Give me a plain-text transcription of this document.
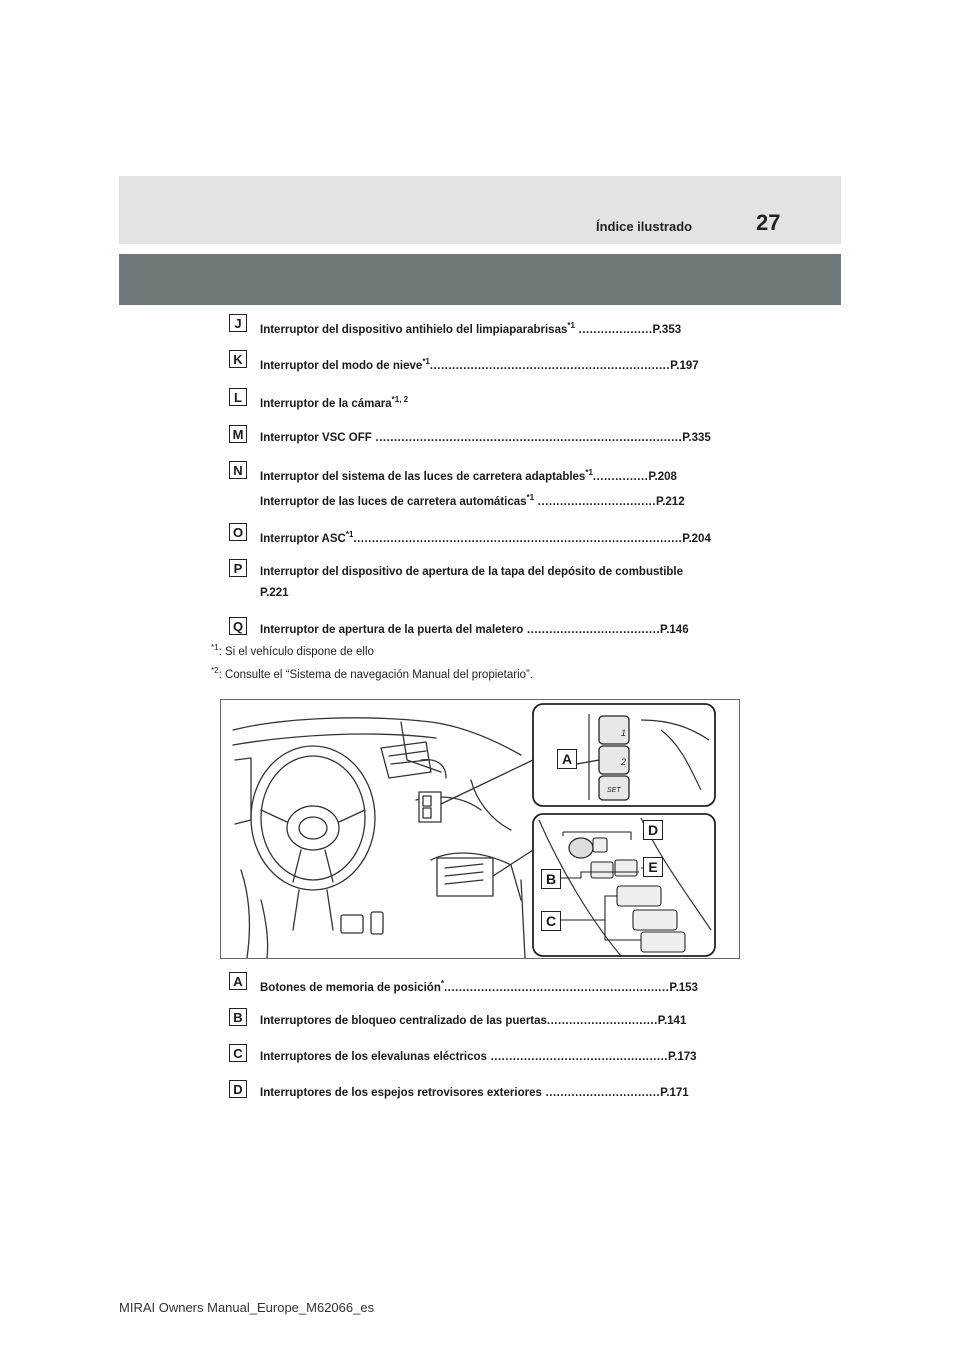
27
Índice ilustrado
J	Interruptor del dispositivo antihielo del limpiaparabrisas$^{*1}$ ....................P.353
K	Interruptor del modo de nieve$^{*1}$.................................................................P.197
L	Interruptor de la cámara$^{*1, 2}$
M	Interruptor VSC OFF ...................................................................................P.335
N	Interruptor del sistema de las luces de carretera adaptables$^{*1}$...............P.208
Interruptor de las luces de carretera automáticas$^{*1}$ ................................P.212
O	Interruptor ASC$^{*1}$.........................................................................................P.204
P	Interruptor del dispositivo de apertura de la tapa del depósito de combustible
P.221
Q	Interruptor de apertura de la puerta del maletero ....................................P.146
$^{*1}$: Si el vehículo dispone de ello
$^{*2}$: Consulte el “Sistema de navegación Manual del propietario”.
1
2
SET
A
D
E
B
C
A	Botones de memoria de posición*.............................................................P.153
B	Interruptores de bloqueo centralizado de las puertas..............................P.141
C	Interruptores de los elevalunas eléctricos ................................................P.173
D	Interruptores de los espejos retrovisores exteriores ...............................P.171
MIRAI Owners Manual_Europe_M62066_es
